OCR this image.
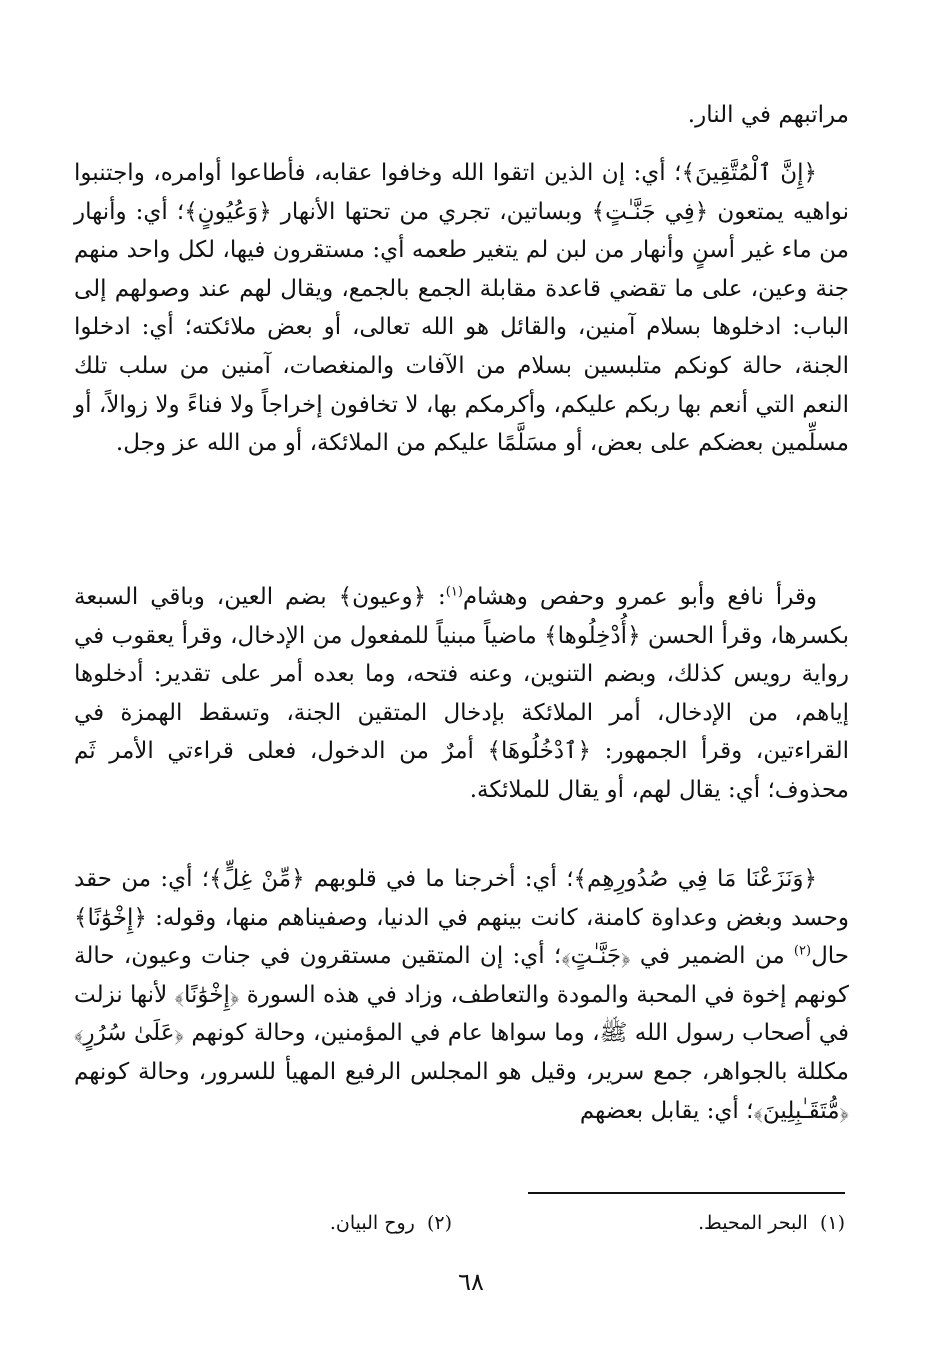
مراتبهم في النار.

﴿إِنَّ ٱلْمُتَّقِينَ﴾؛ أي: إن الذين اتقوا الله وخافوا عقابه، فأطاعوا أوامره، واجتنبوا نواهيه يمتعون ﴿فِي جَنَّـٰتٍ﴾ وبساتين، تجري من تحتها الأنهار ﴿وَعُيُونٍ﴾؛ أي: وأنهار من ماء غير أسنٍ وأنهار من لبن لم يتغير طعمه أي: مستقرون فيها، لكل واحد منهم جنة وعين، على ما تقضي قاعدة مقابلة الجمع بالجمع، ويقال لهم عند وصولهم إلى الباب: ادخلوها بسلام آمنين، والقائل هو الله تعالى، أو بعض ملائكته؛ أي: ادخلوا الجنة، حالة كونكم متلبسين بسلام من الآفات والمنغصات، آمنين من سلب تلك النعم التي أنعم بها ربكم عليكم، وأكرمكم بها، لا تخافون إخراجاً ولا فناءً ولا زوالاً، أو مسلِّمين بعضكم على بعض، أو مسَلَّمًا عليكم من الملائكة، أو من الله عز وجل.

وقرأ نافع وأبو عمرو وحفص وهشام$^{(١)}$: ﴿وعيون﴾ بضم العين، وباقي السبعة بكسرها، وقرأ الحسن ﴿أُدْخِلُوها﴾ ماضياً مبنياً للمفعول من الإدخال، وقرأ يعقوب في رواية رويس كذلك، وبضم التنوين، وعنه فتحه، وما بعده أمر على تقدير: أدخلوها إياهم، من الإدخال، أمر الملائكة بإدخال المتقين الجنة، وتسقط الهمزة في القراءتين، وقرأ الجمهور: ﴿ٱدْخُلُوهَا﴾ أمرٌ من الدخول، فعلى قراءتي الأمر ثَم محذوف؛ أي: يقال لهم، أو يقال للملائكة.

﴿وَنَزَعْنَا مَا فِي صُدُورِهِم﴾؛ أي: أخرجنا ما في قلوبهم ﴿مِّنْ غِلٍّ﴾؛ أي: من حقد وحسد وبغض وعداوة كامنة، كانت بينهم في الدنيا، وصفيناهم منها، وقوله: ﴿إِخْوَٰنًا﴾ حال$^{(٢)}$ من الضمير في ﴿جَنَّـٰتٍ﴾؛ أي: إن المتقين مستقرون في جنات وعيون، حالة كونهم إخوة في المحبة والمودة والتعاطف، وزاد في هذه السورة ﴿إِخْوَٰنًا﴾ لأنها نزلت في أصحاب رسول الله ﷺ، وما سواها عام في المؤمنين، وحالة كونهم ﴿عَلَىٰ سُرُرٍ﴾ مكللة بالجواهر، جمع سرير، وقيل هو المجلس الرفيع المهيأ للسرور، وحالة كونهم ﴿مُّتَقَـٰبِلِينَ﴾؛ أي: يقابل بعضهم

(١)  البحر المحيط.
(٢)  روح البيان.
٦٨
